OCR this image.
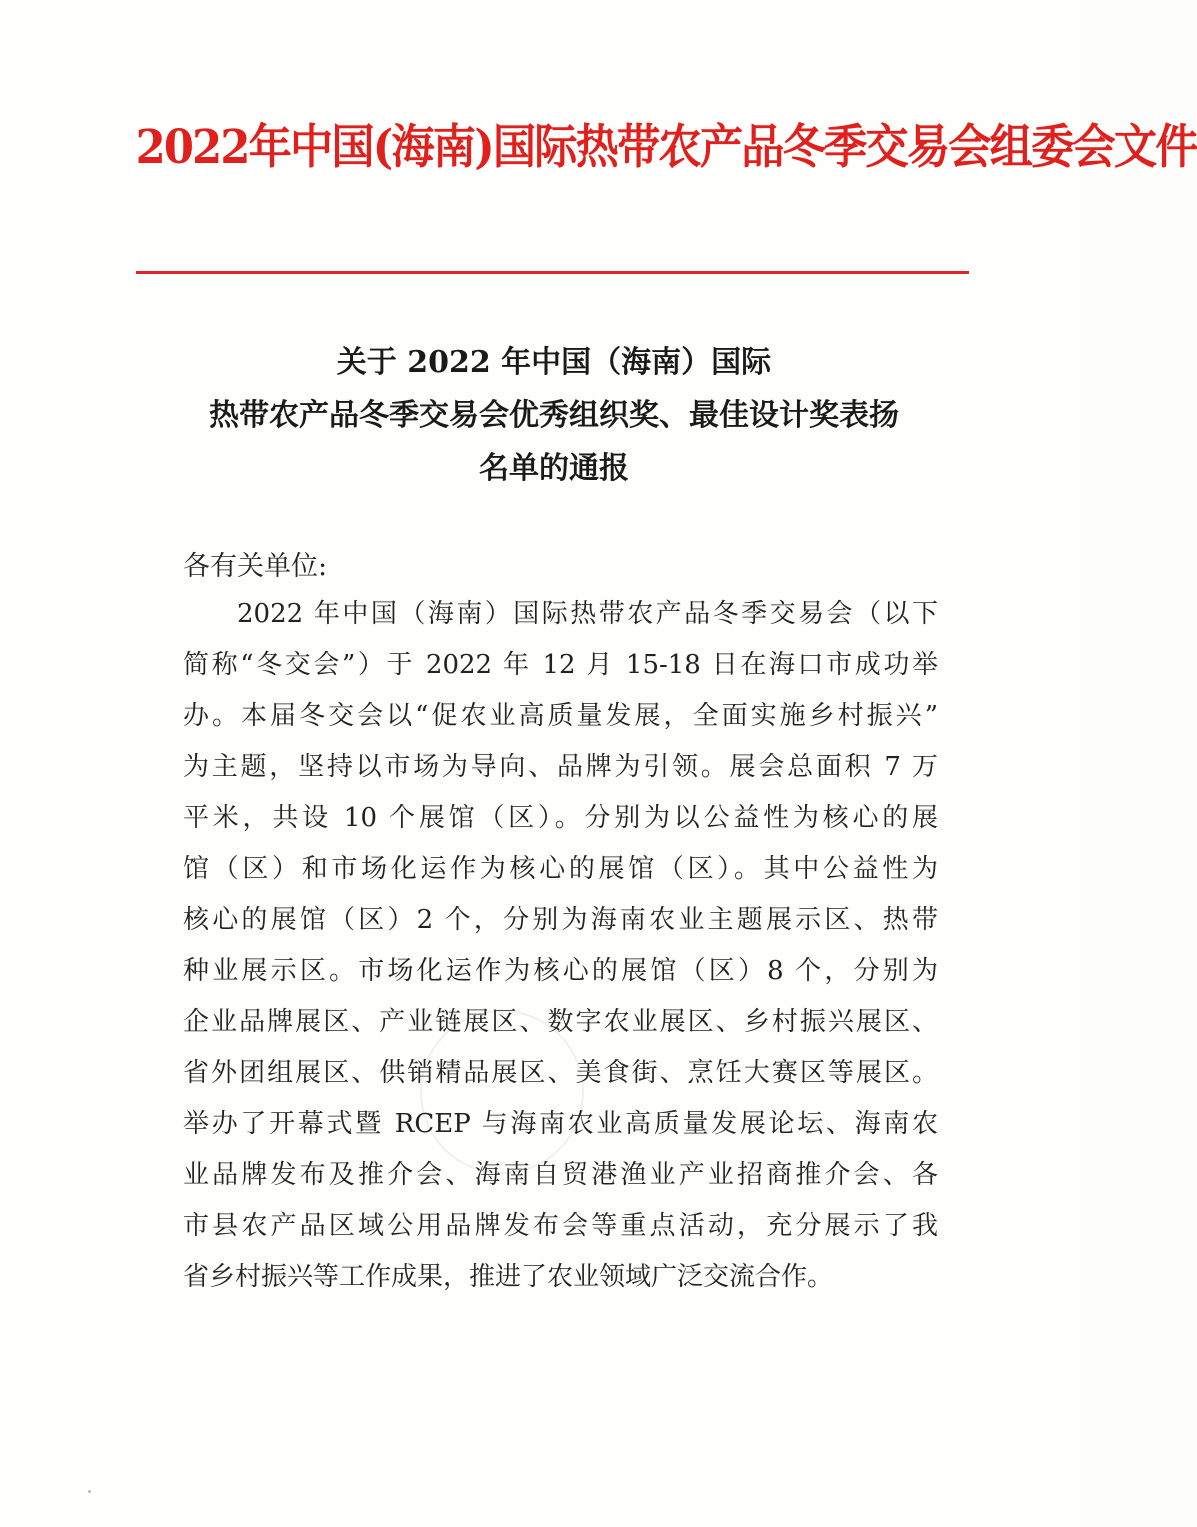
2022年中国(海南)国际热带农产品冬季交易会组委会文件
关于 2022 年中国（海南）国际
热带农产品冬季交易会优秀组织奖、最佳设计奖表扬
名单的通报
各有关单位:
2022 年中国（海南）国际热带农产品冬季交易会（以下
简称“冬交会”）于 2022 年 12 月 15-18 日在海口市成功举
办。本届冬交会以“促农业高质量发展，全面实施乡村振兴”
为主题，坚持以市场为导向、品牌为引领。展会总面积 7 万
平米，共设 10 个展馆（区）。分别为以公益性为核心的展
馆（区）和市场化运作为核心的展馆（区）。其中公益性为
核心的展馆（区）2 个，分别为海南农业主题展示区、热带
种业展示区。市场化运作为核心的展馆（区）8 个，分别为
企业品牌展区、产业链展区、数字农业展区、乡村振兴展区、
省外团组展区、供销精品展区、美食街、烹饪大赛区等展区。
举办了开幕式暨 RCEP 与海南农业高质量发展论坛、海南农
业品牌发布及推介会、海南自贸港渔业产业招商推介会、各
市县农产品区域公用品牌发布会等重点活动，充分展示了我
省乡村振兴等工作成果，推进了农业领域广泛交流合作。
